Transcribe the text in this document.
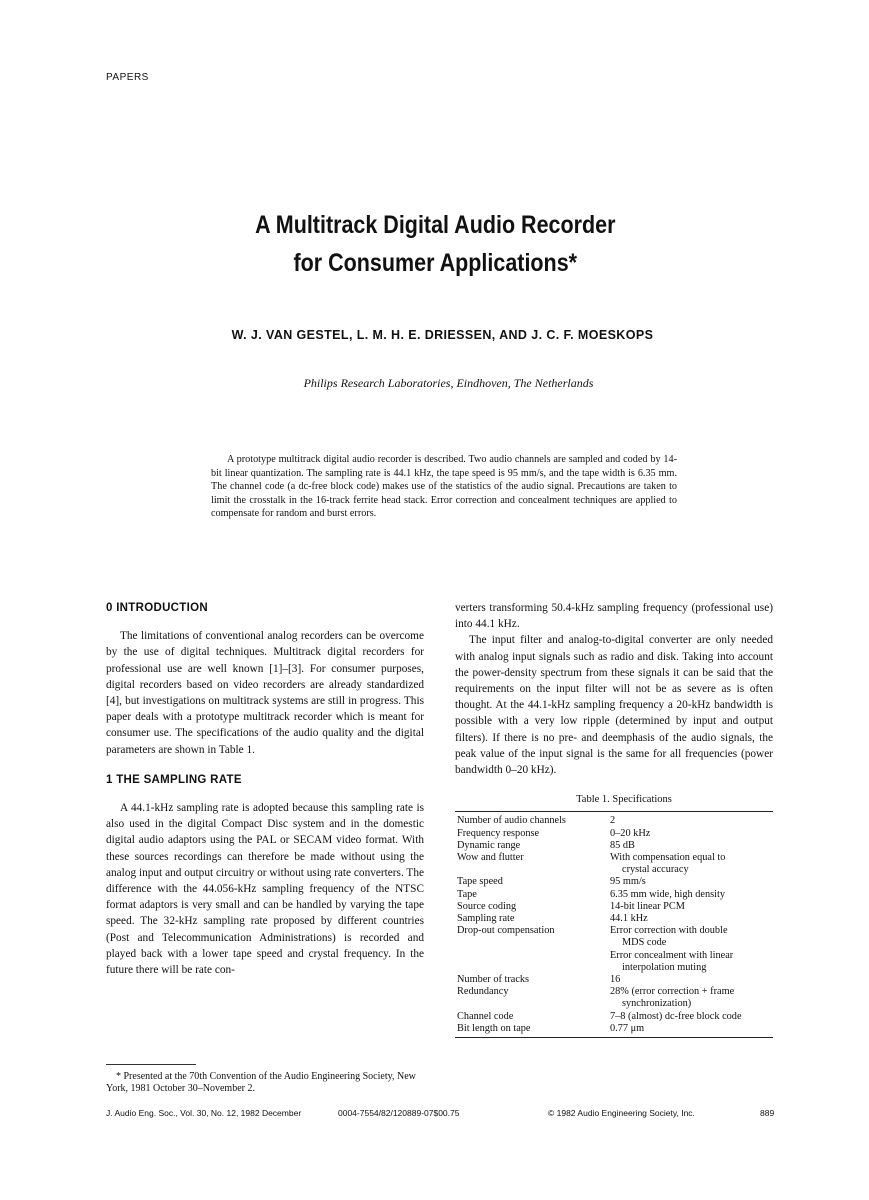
PAPERS
A Multitrack Digital Audio Recorder
for Consumer Applications*
W. J. VAN GESTEL, L. M. H. E. DRIESSEN, AND J. C. F. MOESKOPS
Philips Research Laboratories, Eindhoven, The Netherlands

A prototype multitrack digital audio recorder is described. Two audio channels are sampled and coded by 14-bit linear quantization. The sampling rate is 44.1 kHz, the tape speed is 95 mm/s, and the tape width is 6.35 mm. The channel code (a dc-free block code) makes use of the statistics of the audio signal. Precautions are taken to limit the crosstalk in the 16-track ferrite head stack. Error correction and concealment techniques are applied to compensate for random and burst errors.

0 INTRODUCTION

The limitations of conventional analog recorders can be overcome by the use of digital techniques. Multitrack digital recorders for professional use are well known [1]–[3]. For consumer purposes, digital recorders based on video recorders are already standardized [4], but investigations on multitrack systems are still in progress. This paper deals with a prototype multitrack recorder which is meant for consumer use. The specifications of the audio quality and the digital parameters are shown in Table 1.

1 THE SAMPLING RATE

A 44.1-kHz sampling rate is adopted because this sampling rate is also used in the digital Compact Disc system and in the domestic digital audio adaptors using the PAL or SECAM video format. With these sources recordings can therefore be made without using the analog input and output circuitry or without using rate converters. The difference with the 44.056-kHz sampling frequency of the NTSC format adaptors is very small and can be handled by varying the tape speed. The 32-kHz sampling rate proposed by different countries (Post and Telecommunication Administrations) is recorded and played back with a lower tape speed and crystal frequency. In the future there will be rate con-

verters transforming 50.4-kHz sampling frequency (professional use) into 44.1 kHz.

The input filter and analog-to-digital converter are only needed with analog input signals such as radio and disk. Taking into account the power-density spectrum from these signals it can be said that the requirements on the input filter will not be as severe as is often thought. At the 44.1-kHz sampling frequency a 20-kHz bandwidth is possible with a very low ripple (determined by input and output filters). If there is no pre- and deemphasis of the audio signals, the peak value of the input signal is the same for all frequencies (power bandwidth 0–20 kHz).

Table 1. Specifications
Number of audio channels	2
Frequency response	0–20 kHz
Dynamic range	85 dB
Wow and flutter	With compensation equal to
	crystal accuracy
Tape speed	95 mm/s
Tape	6.35 mm wide, high density
Source coding	14-bit linear PCM
Sampling rate	44.1 kHz
Drop-out compensation	Error correction with double
	MDS code
	Error concealment with linear
	interpolation muting
Number of tracks	16
Redundancy	28% (error correction + frame
	synchronization)
Channel code	7–8 (almost) dc-free block code
Bit length on tape	0.77 μm

* Presented at the 70th Convention of the Audio Engineering Society, New York, 1981 October 30–November 2.

J. Audio Eng. Soc., Vol. 30, No. 12, 1982 December	0004-7554/82/120889-07$00.75	© 1982 Audio Engineering Society, Inc.	889
